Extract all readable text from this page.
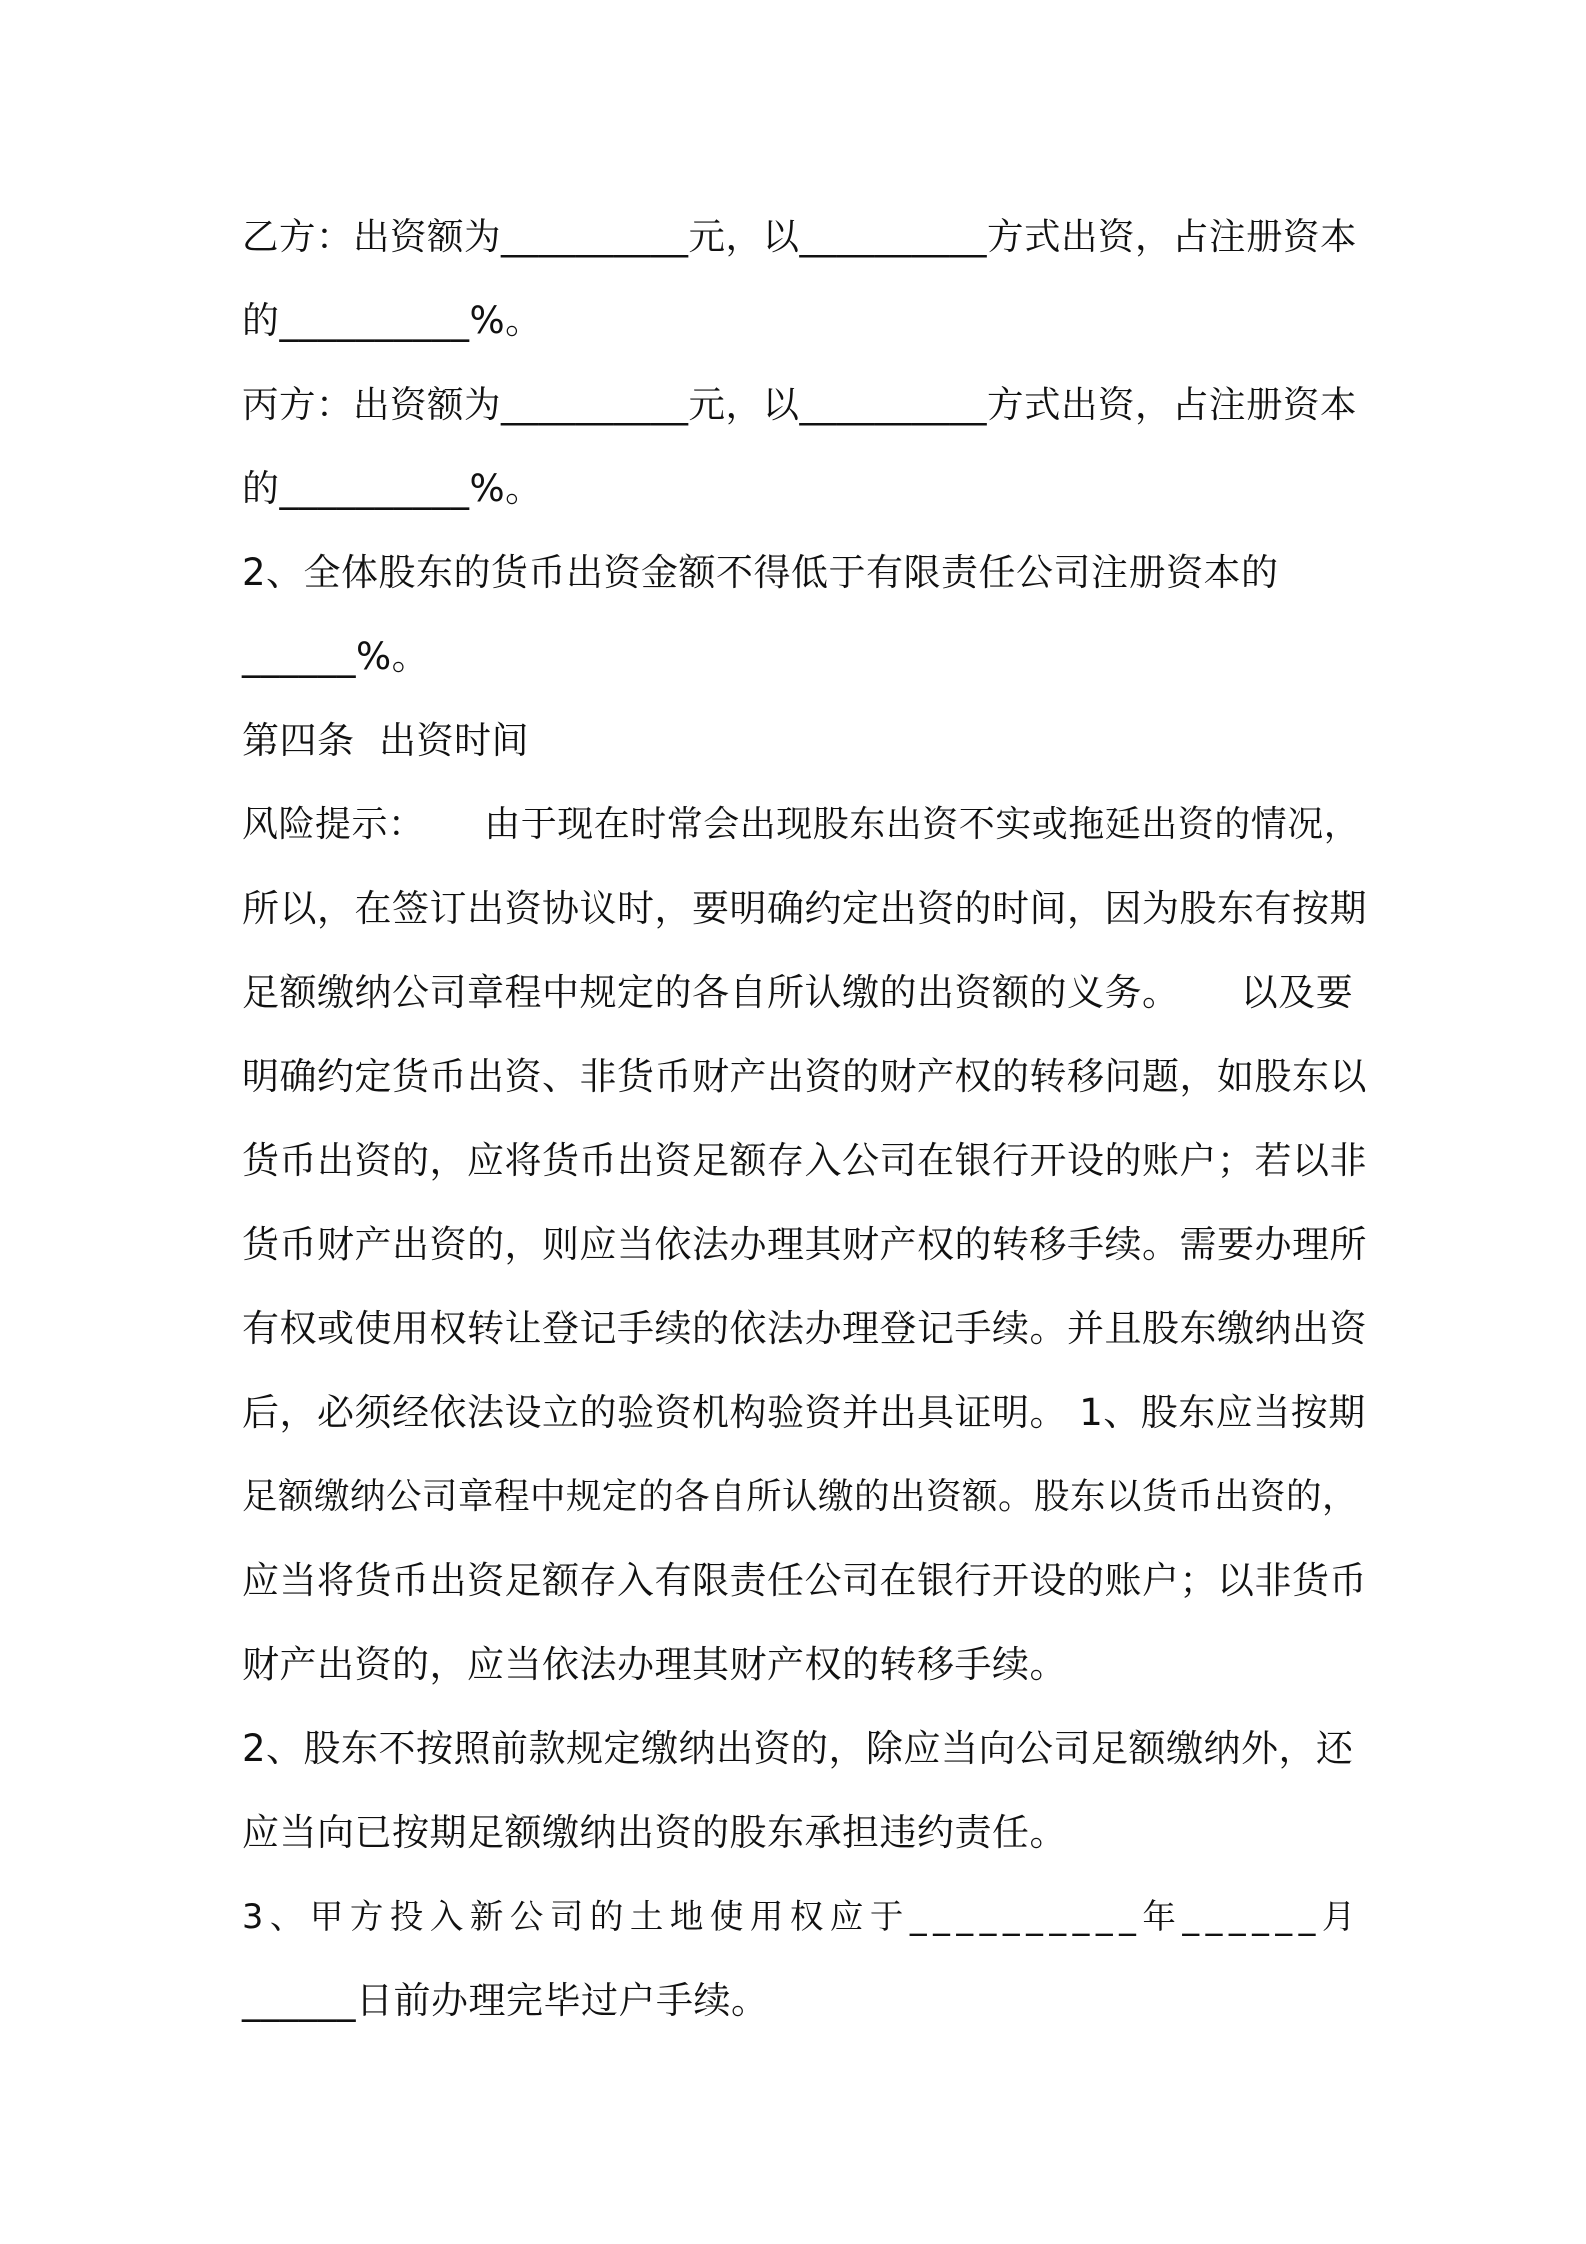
乙方：出资额为__________元，以__________方式出资，占注册资本
的__________%。
丙方：出资额为__________元，以__________方式出资，占注册资本
的__________%。
2、全体股东的货币出资金额不得低于有限责任公司注册资本的
______%。
第四条  出资时间
风险提示：     由于现在时常会出现股东出资不实或拖延出资的情况，
所以，在签订出资协议时，要明确约定出资的时间，因为股东有按期
足额缴纳公司章程中规定的各自所认缴的出资额的义务。     以及要
明确约定货币出资、非货币财产出资的财产权的转移问题，如股东以
货币出资的，应将货币出资足额存入公司在银行开设的账户；若以非
货币财产出资的，则应当依法办理其财产权的转移手续。需要办理所
有权或使用权转让登记手续的依法办理登记手续。并且股东缴纳出资
后，必须经依法设立的验资机构验资并出具证明。 1、股东应当按期
足额缴纳公司章程中规定的各自所认缴的出资额。股东以货币出资的，
应当将货币出资足额存入有限责任公司在银行开设的账户；以非货币
财产出资的，应当依法办理其财产权的转移手续。
2、股东不按照前款规定缴纳出资的，除应当向公司足额缴纳外，还
应当向已按期足额缴纳出资的股东承担违约责任。
3、甲方投入新公司的土地使用权应于__________年______月
______日前办理完毕过户手续。
